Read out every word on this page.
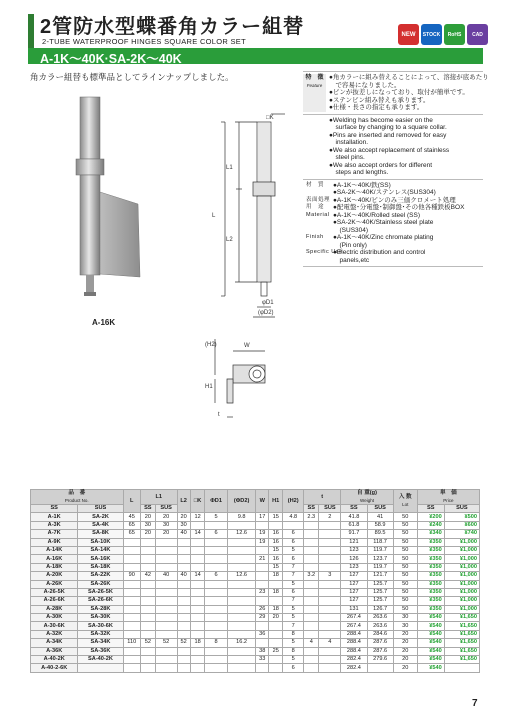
2管防水型蝶番角カラー組替
2-TUBE WATERPROOF HINGES SQUARE COLOR SET
NEW	STOCK	RoHS	CAD
A-1K～40K·SA-2K～40K
角カラー組替も標準品としてラインナップしました。
A-16K
□K
L1
L
L2
φD1
(φD2)
(H2)	W
H1
t
特　徴
Feature
●角カラーに組み替えることによって、溶接が底あたり
　で容易になりました。
●ピンが抜差しになっており、取付が簡単です。
●ステンピン組み替えも承ります。
●仕様・長さの指定も承ります。
●Welding has become easier on the
　surface by changing to a square collar.
●Pins are inserted and removed for easy
　installation.
●We also accept replacement of stainless
　steel pins.
●We also accept orders for different
　steps and lengths.
材　質	●A-1K～40K/鉄(SS)
●SA-2K～40K/ステンレス(SUS304)
表面処理 ●A-1K～40K/ピンのみ三価クロメート処理
用　途	●配電盤･分電盤･制御盤･その他各種鉄板BOX
Material ●A-1K～40K/Rolled steel (SS)
●SA-2K～40K/Stainless steel plate
　(SUS304)
Finish	●A-1K～40K/Zinc chromate plating
　(Pin only)
Specific Use
●Electric distribution and control
　panels,etc
品　番
Product No.		L	L1		L2	□K	ΦD1	(ΦD2)	W	H1	(H2)	t		自 重(g)
Weight		入 数
Lot	単　価
Price	

SS	SUS		SS	SUS								SS	SUS	SS	SUS		SS	SUS
A-1K	SA-2K	45	20	20	20	12	5	9.8	17	15	4.8	2.3	2	41.8	41	50	¥200	¥500
A-3K	SA-4K	65	30	30	30									61.8	58.9	50	¥240	¥600
A-7K	SA-8K	65	20	20	40	14	6	12.6	19	16	6			91.7	89.5	50	¥340	¥740
A-9K	SA-10K								19	16	6			121	118.7	50	¥350	¥1,000
A-14K	SA-14K									15	5			123	119.7	50	¥350	¥1,000
A-16K	SA-16K								21	16	6			126	123.7	50	¥350	¥1,000
A-18K	SA-18K									15	7			123	119.7	50	¥350	¥1,000
A-20K	SA-22K	90	42	40	40	14	6	12.6		18	7	3.2	3	127	121.7	50	¥350	¥1,000
A-26K	SA-26K										5			127	125.7	50	¥350	¥1,000
A-26-5K	SA-26-5K								23	18	6			127	125.7	50	¥350	¥1,000
A-26-6K	SA-26-6K										7			127	125.7	50	¥350	¥1,000
A-28K	SA-28K								26	18	5			131	126.7	50	¥350	¥1,000
A-30K	SA-30K								29	20	5			267.4	263.6	30	¥540	¥1,650
A-30-6K	SA-30-6K										7			267.4	263.6	30	¥540	¥1,650
A-32K	SA-32K								36		8			288.4	284.6	20	¥540	¥1,650
A-34K	SA-34K	110	52	52	52	18	8	16.2			5	4	4	288.4	287.6	20	¥540	¥1,650
A-36K	SA-36K								38	25	8			288.4	287.6	20	¥540	¥1,650
A-40-2K	SA-40-2K								33		5			282.4	279.6	20	¥540	¥1,650
A-40-2-6K											6			282.4		20	¥540	
7
